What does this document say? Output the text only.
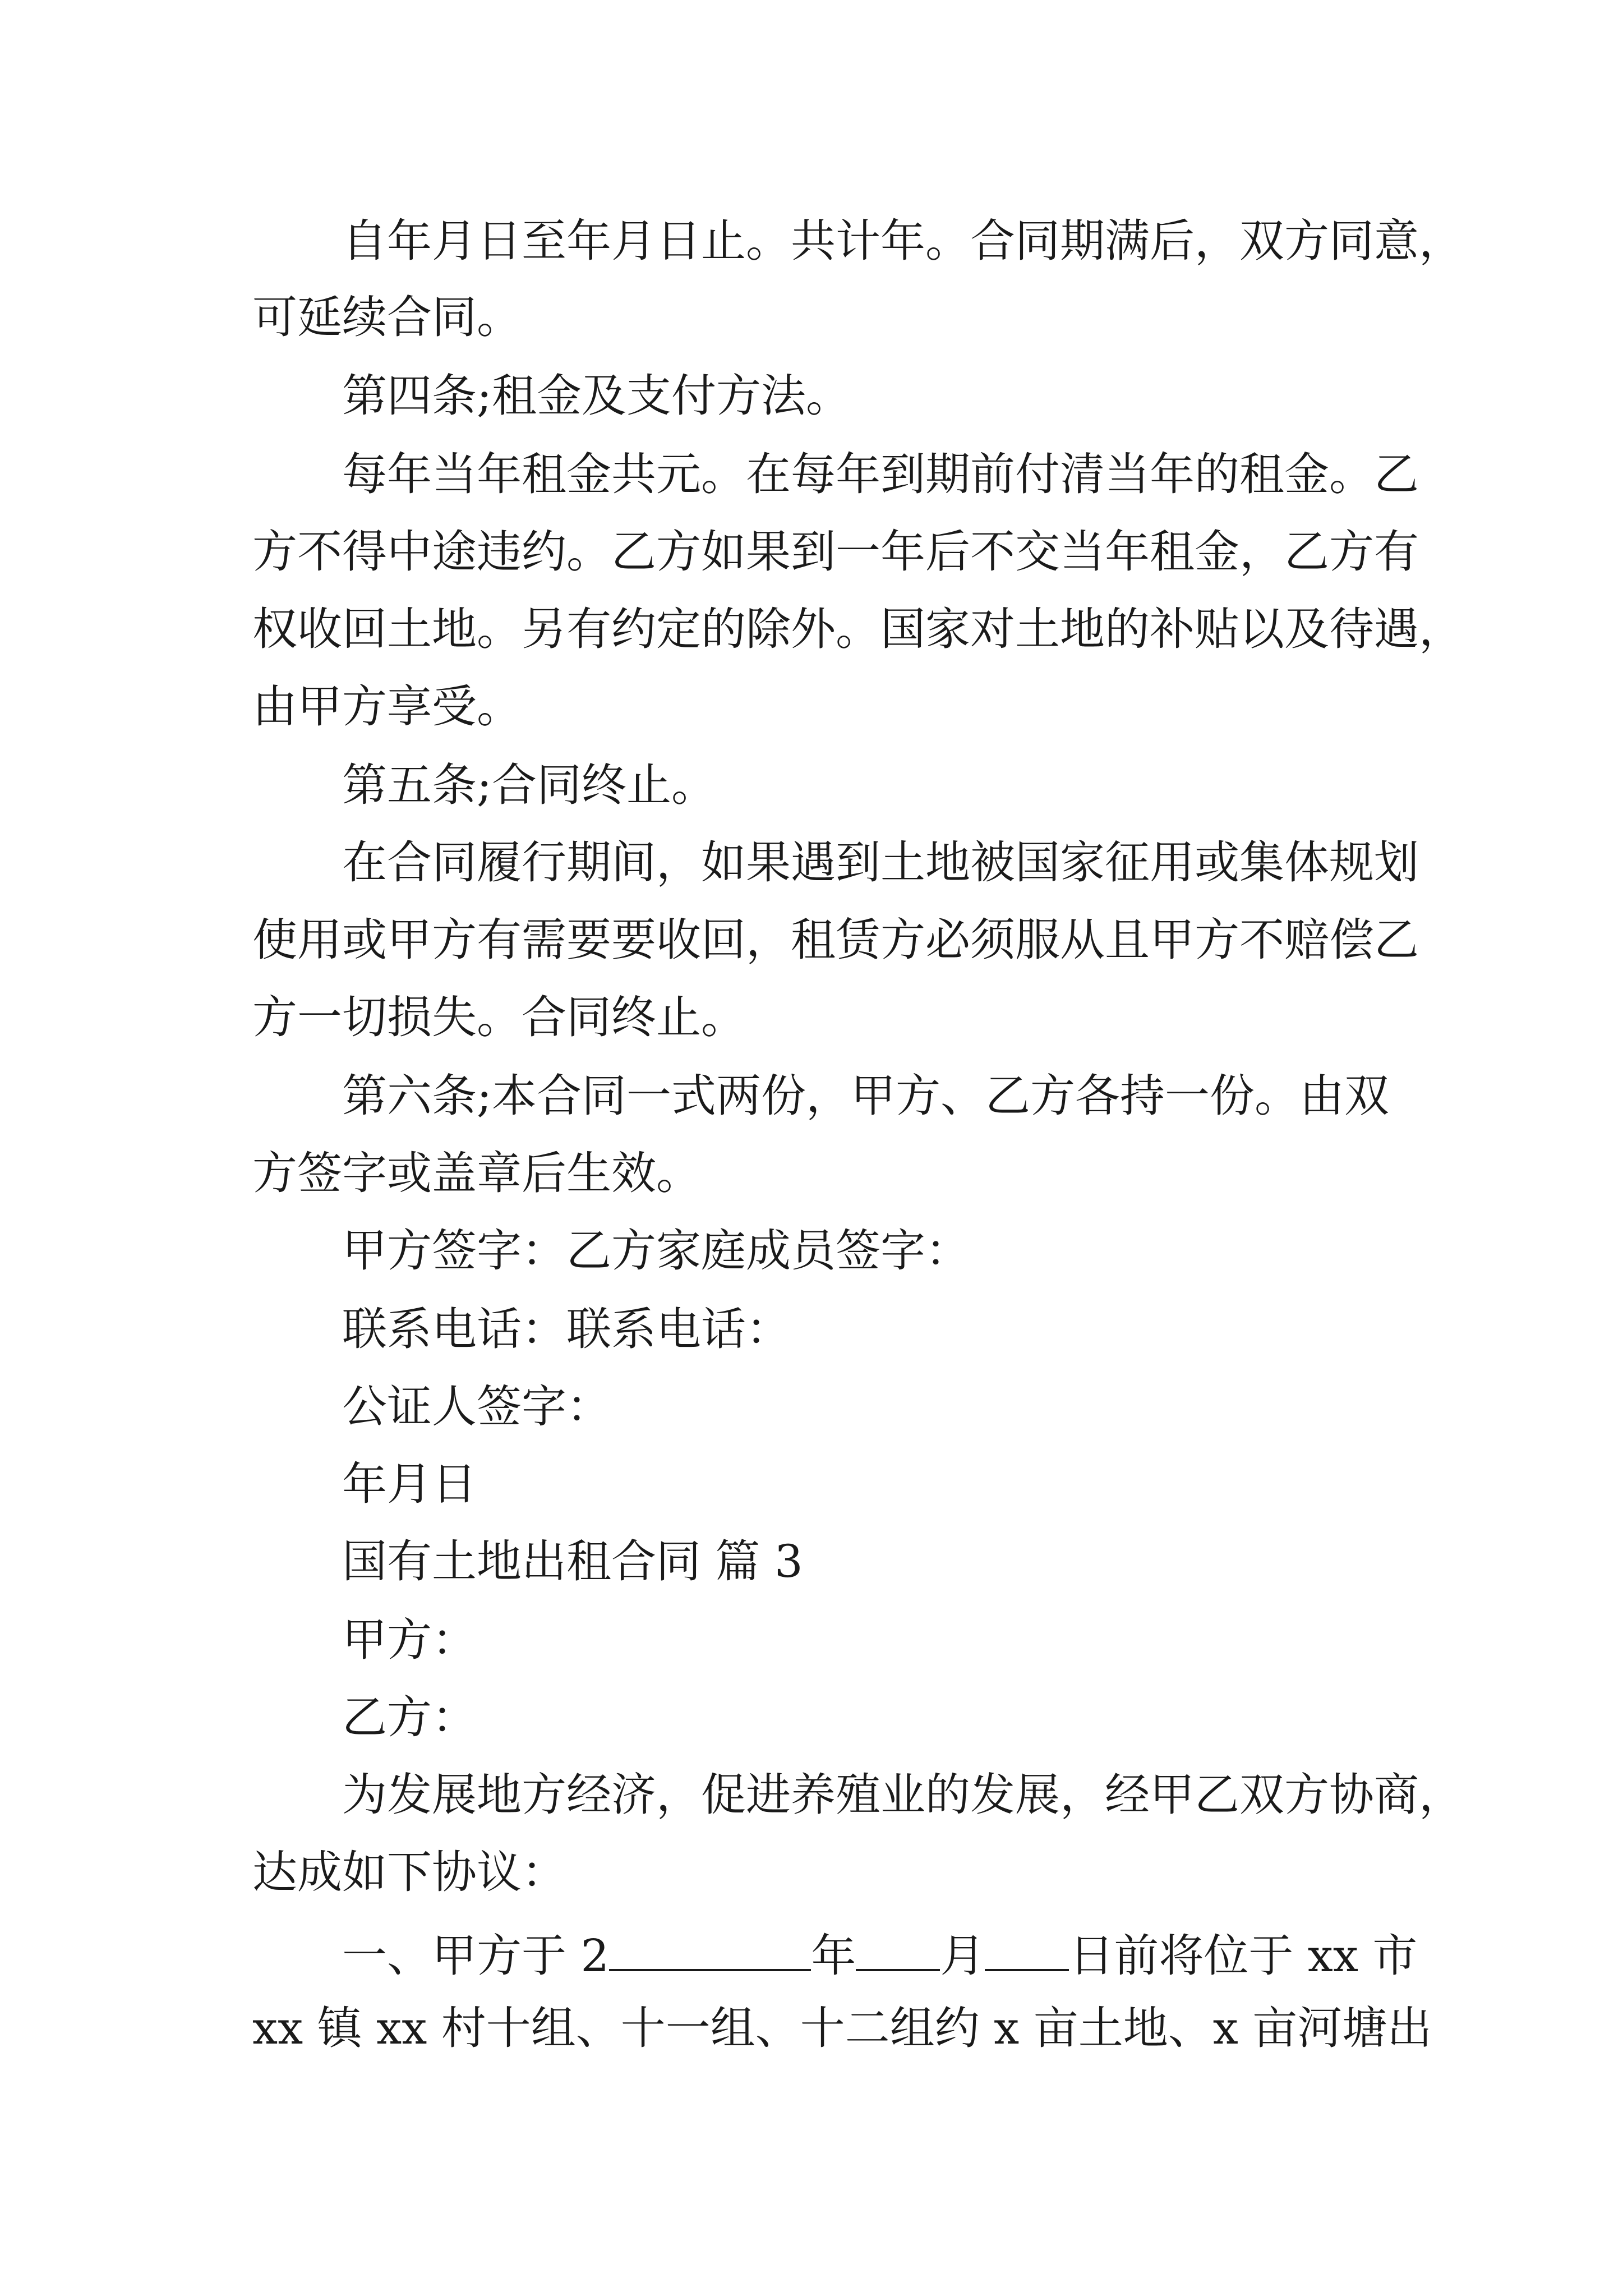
自年月日至年月日止。共计年。合同期满后，双方同意，
可延续合同。
第四条;租金及支付方法。
每年当年租金共元。在每年到期前付清当年的租金。乙
方不得中途违约。乙方如果到一年后不交当年租金，乙方有
权收回土地。另有约定的除外。国家对土地的补贴以及待遇，
由甲方享受。
第五条;合同终止。
在合同履行期间，如果遇到土地被国家征用或集体规划
使用或甲方有需要要收回，租赁方必须服从且甲方不赔偿乙
方一切损失。合同终止。
第六条;本合同一式两份，甲方、乙方各持一份。由双
方签字或盖章后生效。
甲方签字：乙方家庭成员签字：
联系电话：联系电话：
公证人签字：
年月日
国有土地出租合同 篇 3
甲方：
乙方：
为发展地方经济，促进养殖业的发展，经甲乙双方协商，
达成如下协议：
一、甲方于 2	年 月 日前将位于 xx 市
xx 镇 xx 村十组、十一组、十二组约 x 亩土地、x 亩河塘出
